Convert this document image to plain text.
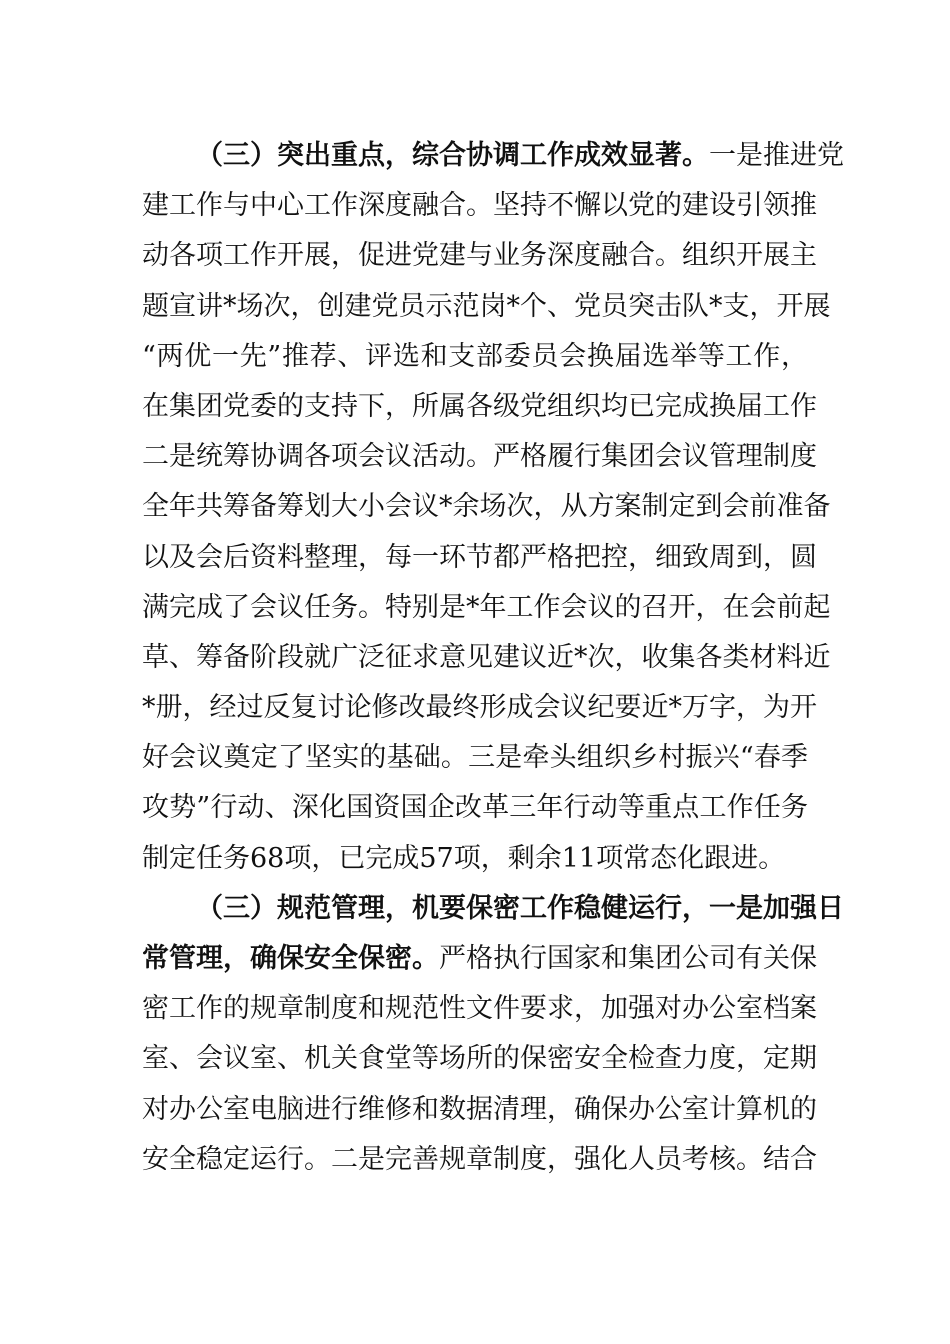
（三）突出重点，综合协调工作成效显著。一是推进党
建工作与中心工作深度融合。坚持不懈以党的建设引领推
动各项工作开展，促进党建与业务深度融合。组织开展主
题宣讲*场次，创建党员示范岗*个、党员突击队*支，开展
“两优一先”推荐、评选和支部委员会换届选举等工作，
在集团党委的支持下，所属各级党组织均已完成换届工作
二是统筹协调各项会议活动。严格履行集团会议管理制度
全年共筹备筹划大小会议*余场次，从方案制定到会前准备
以及会后资料整理，每一环节都严格把控，细致周到，圆
满完成了会议任务。特别是*年工作会议的召开，在会前起
草、筹备阶段就广泛征求意见建议近*次，收集各类材料近
*册，经过反复讨论修改最终形成会议纪要近*万字，为开
好会议奠定了坚实的基础。三是牵头组织乡村振兴“春季
攻势”行动、深化国资国企改革三年行动等重点工作任务
制定任务68项，已完成57项，剩余11项常态化跟进。
（三）规范管理，机要保密工作稳健运行，一是加强日
常管理，确保安全保密。严格执行国家和集团公司有关保
密工作的规章制度和规范性文件要求，加强对办公室档案
室、会议室、机关食堂等场所的保密安全检查力度，定期
对办公室电脑进行维修和数据清理，确保办公室计算机的
安全稳定运行。二是完善规章制度，强化人员考核。结合
